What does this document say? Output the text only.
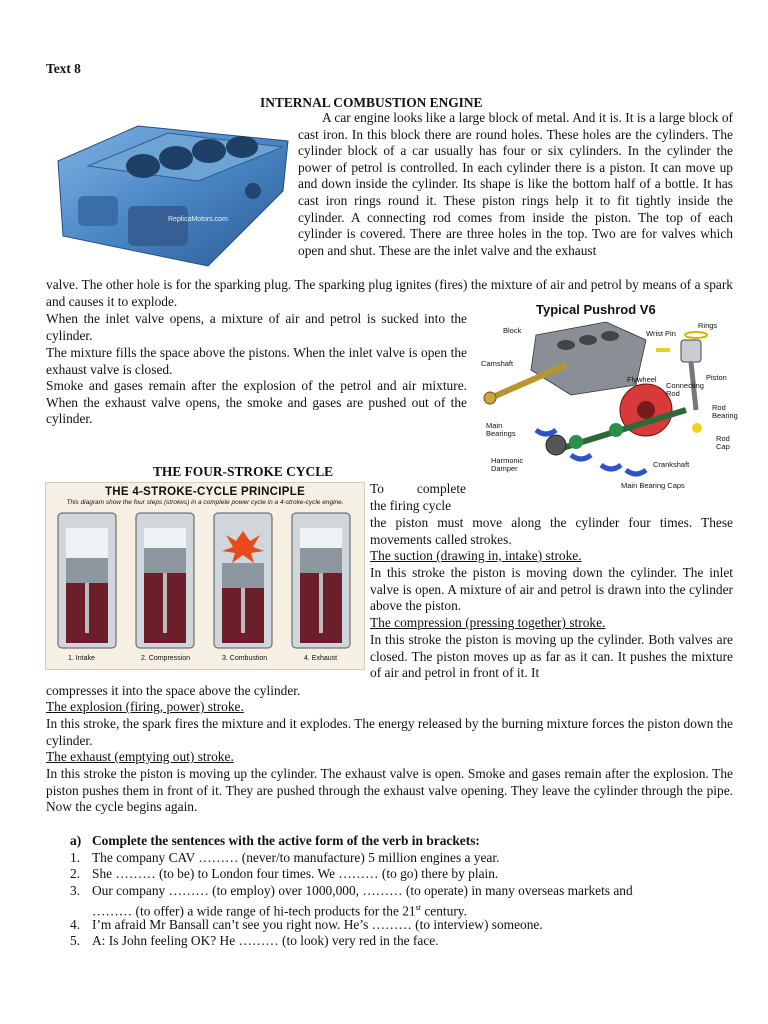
Text 8
INTERNAL COMBUSTION ENGINE
ReplicaMotors.com
A car engine looks like a large block of metal. And it is. It is a large block of cast iron. In this block there are round holes. These holes are the cylinders. The cylinder block of a car usually has four or six cylinders. In the cylinder the power of petrol is controlled. In each cylinder there is a piston. It can move up and down inside the cylinder. Its shape is like the bottom half of a bottle. It has cast iron rings round it. These piston rings help it to fit tightly inside the cylinder. A connecting rod comes from inside the piston. The top of each cylinder is covered. There are three holes in the top. Two are for valves which open and shut. These are the inlet valve and the exhaust
valve. The other hole is for the sparking plug. The sparking plug ignites (fires) the mixture of air and petrol by means of a spark and causes it to explode.
When the inlet valve opens, a mixture of air and petrol is sucked into the cylinder.
The mixture fills the space above the pistons. When the inlet valve is open the exhaust valve is closed.
Smoke and gases remain after the explosion of the petrol and air mixture. When the exhaust valve opens, the smoke and gases are pushed out of the cylinder.
Typical Pushrod V6
Block	Wrist Pin
Rings
Camshaft
Flywheel	Piston
Connecting Rod
Rod Bearing
Main Bearings
Rod Cap
Harmonic Damper	Crankshaft
Main Bearing Caps
THE FOUR-STROKE CYCLE
THE 4-STROKE-CYCLE PRINCIPLE
This diagram show the four steps (strokes) in a complete power cycle in a 4-stroke-cycle engine.
1. Intake	2. Compression	3. Combustion	4. Exhaust
To complete
the firing cycle
the piston must move along the cylinder four times. These movements called strokes.
The suction (drawing in, intake) stroke.
In this stroke the piston is moving down the cylinder. The inlet valve is open. A mixture of air and petrol is drawn into the cylinder above the piston.
The compression (pressing together) stroke.
In this stroke the piston is moving up the cylinder. Both valves are closed. The piston moves up as far as it can. It pushes the mixture of air and petrol in front of it. It
compresses it into the space above the cylinder.
The explosion (firing, power) stroke.
In this stroke, the spark fires the mixture and it explodes. The energy released by the burning mixture forces the piston down the cylinder.
The exhaust (emptying out) stroke.
In this stroke the piston is moving up the cylinder. The exhaust valve is open. Smoke and gases remain after the explosion. The piston pushes them in front of it. They are pushed through the exhaust valve opening. They leave the cylinder through the pipe. Now the cycle begins again.
a) Complete the sentences with the active form of the verb in brackets:
1. The company CAV ……… (never/to manufacture) 5 million engines a year.
2. She ……… (to be) to London four times. We ……… (to go) there by plain.
3. Our company ……… (to employ) over 1000,000, ……… (to operate) in many overseas markets and
……… (to offer) a wide range of hi-tech products for the 21st century.
4. I’m afraid Mr Bansall can’t see you right now. He’s ……… (to interview) someone.
5. A: Is John feeling OK? He ……… (to look) very red in the face.
